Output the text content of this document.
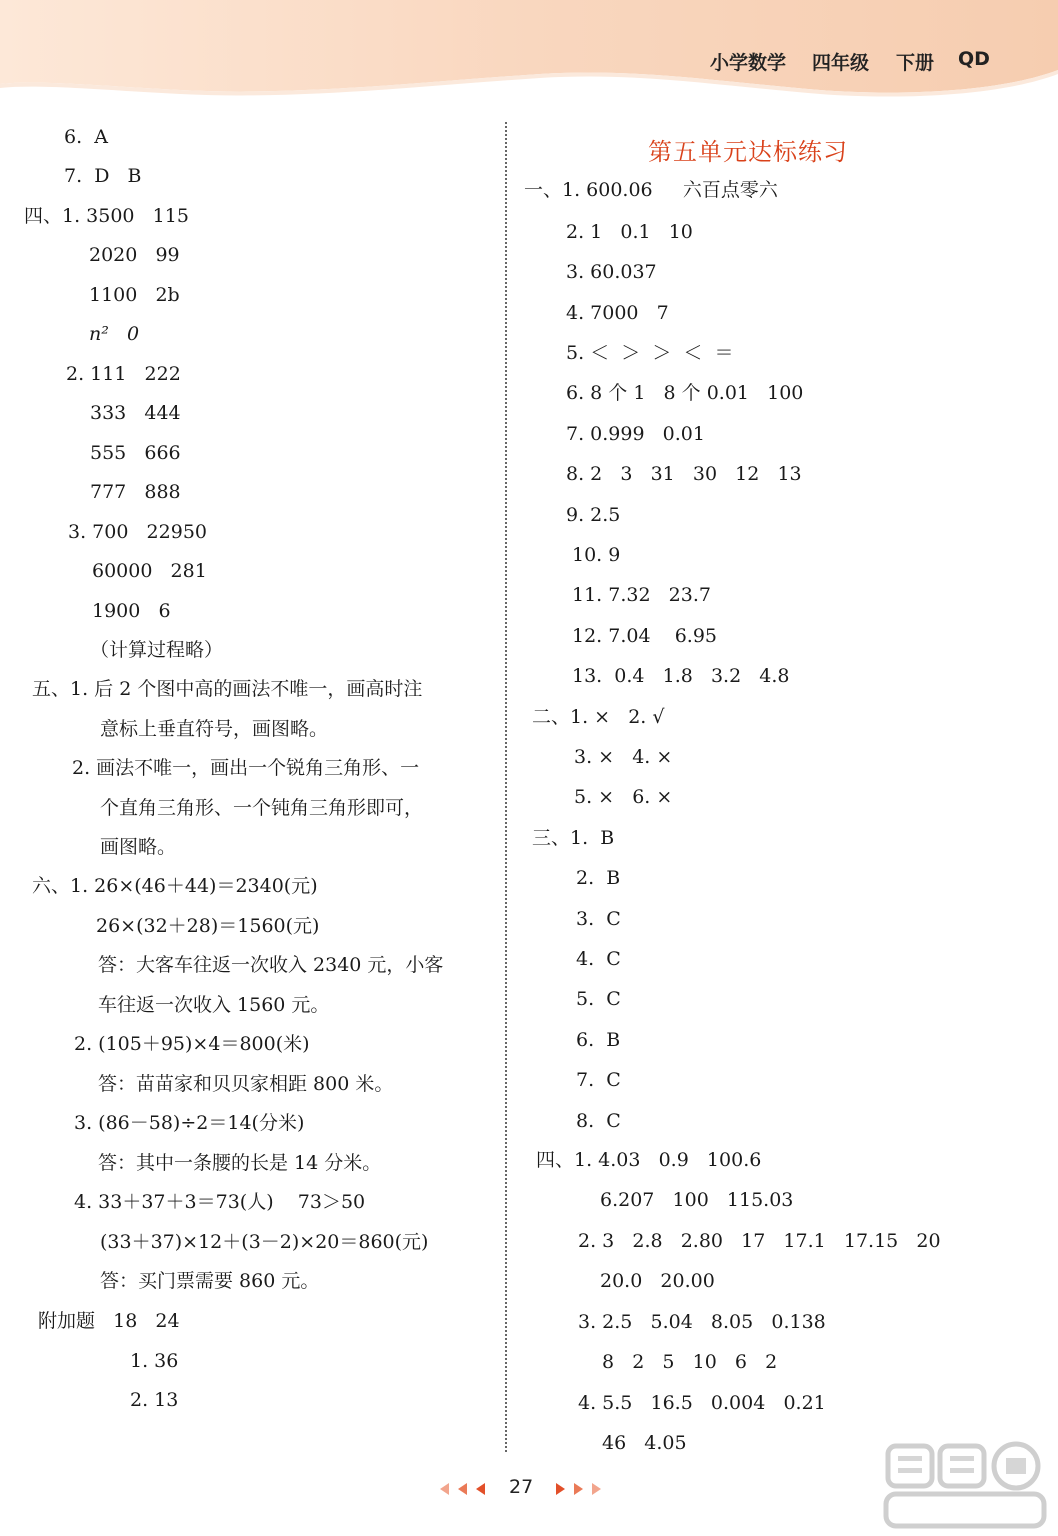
小学数学 四年级 下册 QD
6.  A
7.  D   B
四、1. 3500   115
2020   99
1100   2b
n²   0
2. 111   222
333   444
555   666
777   888
3. 700   22950
60000   281
1900   6
（计算过程略）
五、1. 后 2 个图中高的画法不唯一，画高时注
意标上垂直符号，画图略。
2. 画法不唯一，画出一个锐角三角形、一
个直角三角形、一个钝角三角形即可，
画图略。
六、1. 26×(46＋44)＝2340(元)
26×(32＋28)＝1560(元)
答：大客车往返一次收入 2340 元，小客
车往返一次收入 1560 元。
2. (105＋95)×4＝800(米)
答：苗苗家和贝贝家相距 800 米。
3. (86－58)÷2＝14(分米)
答：其中一条腰的长是 14 分米。
4. 33＋37＋3＝73(人)    73＞50
(33＋37)×12＋(3－2)×20＝860(元)
答：买门票需要 860 元。
附加题   18   24
1. 36
2. 13
第五单元达标练习
一、1. 600.06     六百点零六
2. 1   0.1   10
3. 60.037
4. 7000   7
5. ＜  ＞  ＞  ＜  ＝
6. 8 个 1   8 个 0.01   100
7. 0.999   0.01
8. 2   3   31   30   12   13
9. 2.5
10. 9
11. 7.32   23.7
12. 7.04    6.95
13.  0.4   1.8   3.2   4.8
二、1. ×   2. √
3. ×   4. ×
5. ×   6. ×
三、1.  B
2.  B
3.  C
4.  C
5.  C
6.  B
7.  C
8.  C
四、1. 4.03   0.9   100.6
6.207   100   115.03
2. 3   2.8   2.80   17   17.1   17.15   20
20.0   20.00
3. 2.5   5.04   8.05   0.138
8   2   5   10   6   2
4. 5.5   16.5   0.004   0.21
46   4.05
27
